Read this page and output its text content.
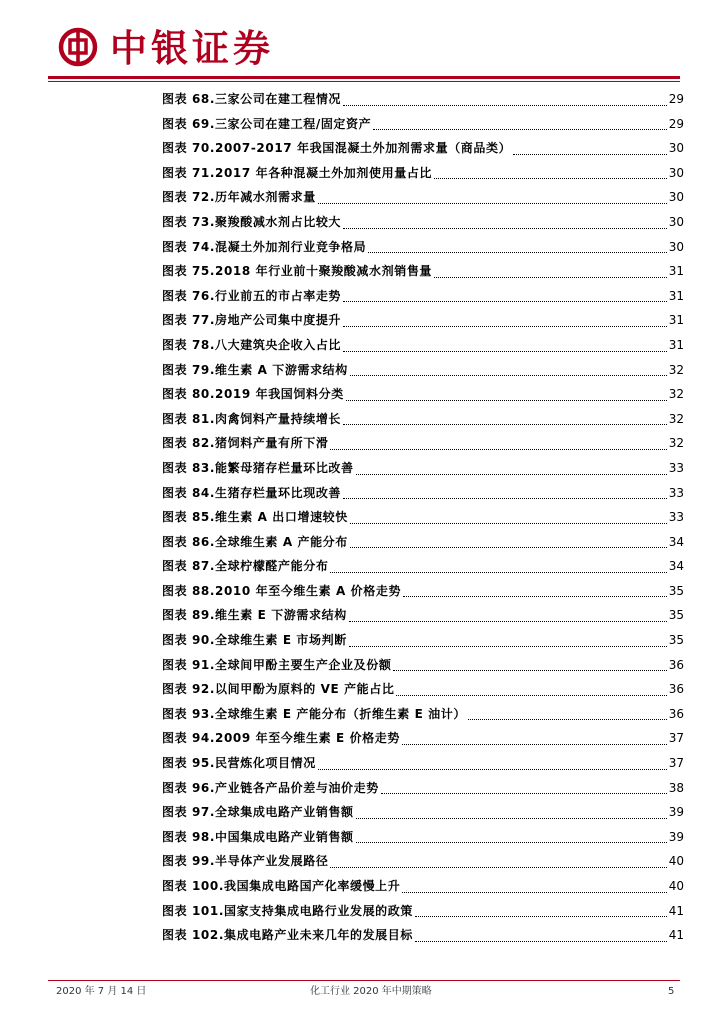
中银证券
图表 68.三家公司在建工程情况	29
图表 69.三家公司在建工程/固定资产	29
图表 70.2007-2017 年我国混凝土外加剂需求量（商品类）	30
图表 71.2017 年各种混凝土外加剂使用量占比	30
图表 72.历年减水剂需求量	30
图表 73.聚羧酸减水剂占比较大	30
图表 74.混凝土外加剂行业竞争格局	30
图表 75.2018 年行业前十聚羧酸减水剂销售量	31
图表 76.行业前五的市占率走势	31
图表 77.房地产公司集中度提升	31
图表 78.八大建筑央企收入占比	31
图表 79.维生素 A 下游需求结构	32
图表 80.2019 年我国饲料分类	32
图表 81.肉禽饲料产量持续增长	32
图表 82.猪饲料产量有所下滑	32
图表 83.能繁母猪存栏量环比改善	33
图表 84.生猪存栏量环比现改善	33
图表 85.维生素 A 出口增速较快	33
图表 86.全球维生素 A 产能分布	34
图表 87.全球柠檬醛产能分布	34
图表 88.2010 年至今维生素 A 价格走势	35
图表 89.维生素 E 下游需求结构	35
图表 90.全球维生素 E 市场判断	35
图表 91.全球间甲酚主要生产企业及份额	36
图表 92.以间甲酚为原料的 VE 产能占比	36
图表 93.全球维生素 E 产能分布（折维生素 E 油计）	36
图表 94.2009 年至今维生素 E 价格走势	37
图表 95.民营炼化项目情况	37
图表 96.产业链各产品价差与油价走势	38
图表 97.全球集成电路产业销售额	39
图表 98.中国集成电路产业销售额	39
图表 99.半导体产业发展路径	40
图表 100.我国集成电路国产化率缓慢上升	40
图表 101.国家支持集成电路行业发展的政策	41
图表 102.集成电路产业未来几年的发展目标	41
2020 年 7 月 14 日	化工行业 2020 年中期策略	5
